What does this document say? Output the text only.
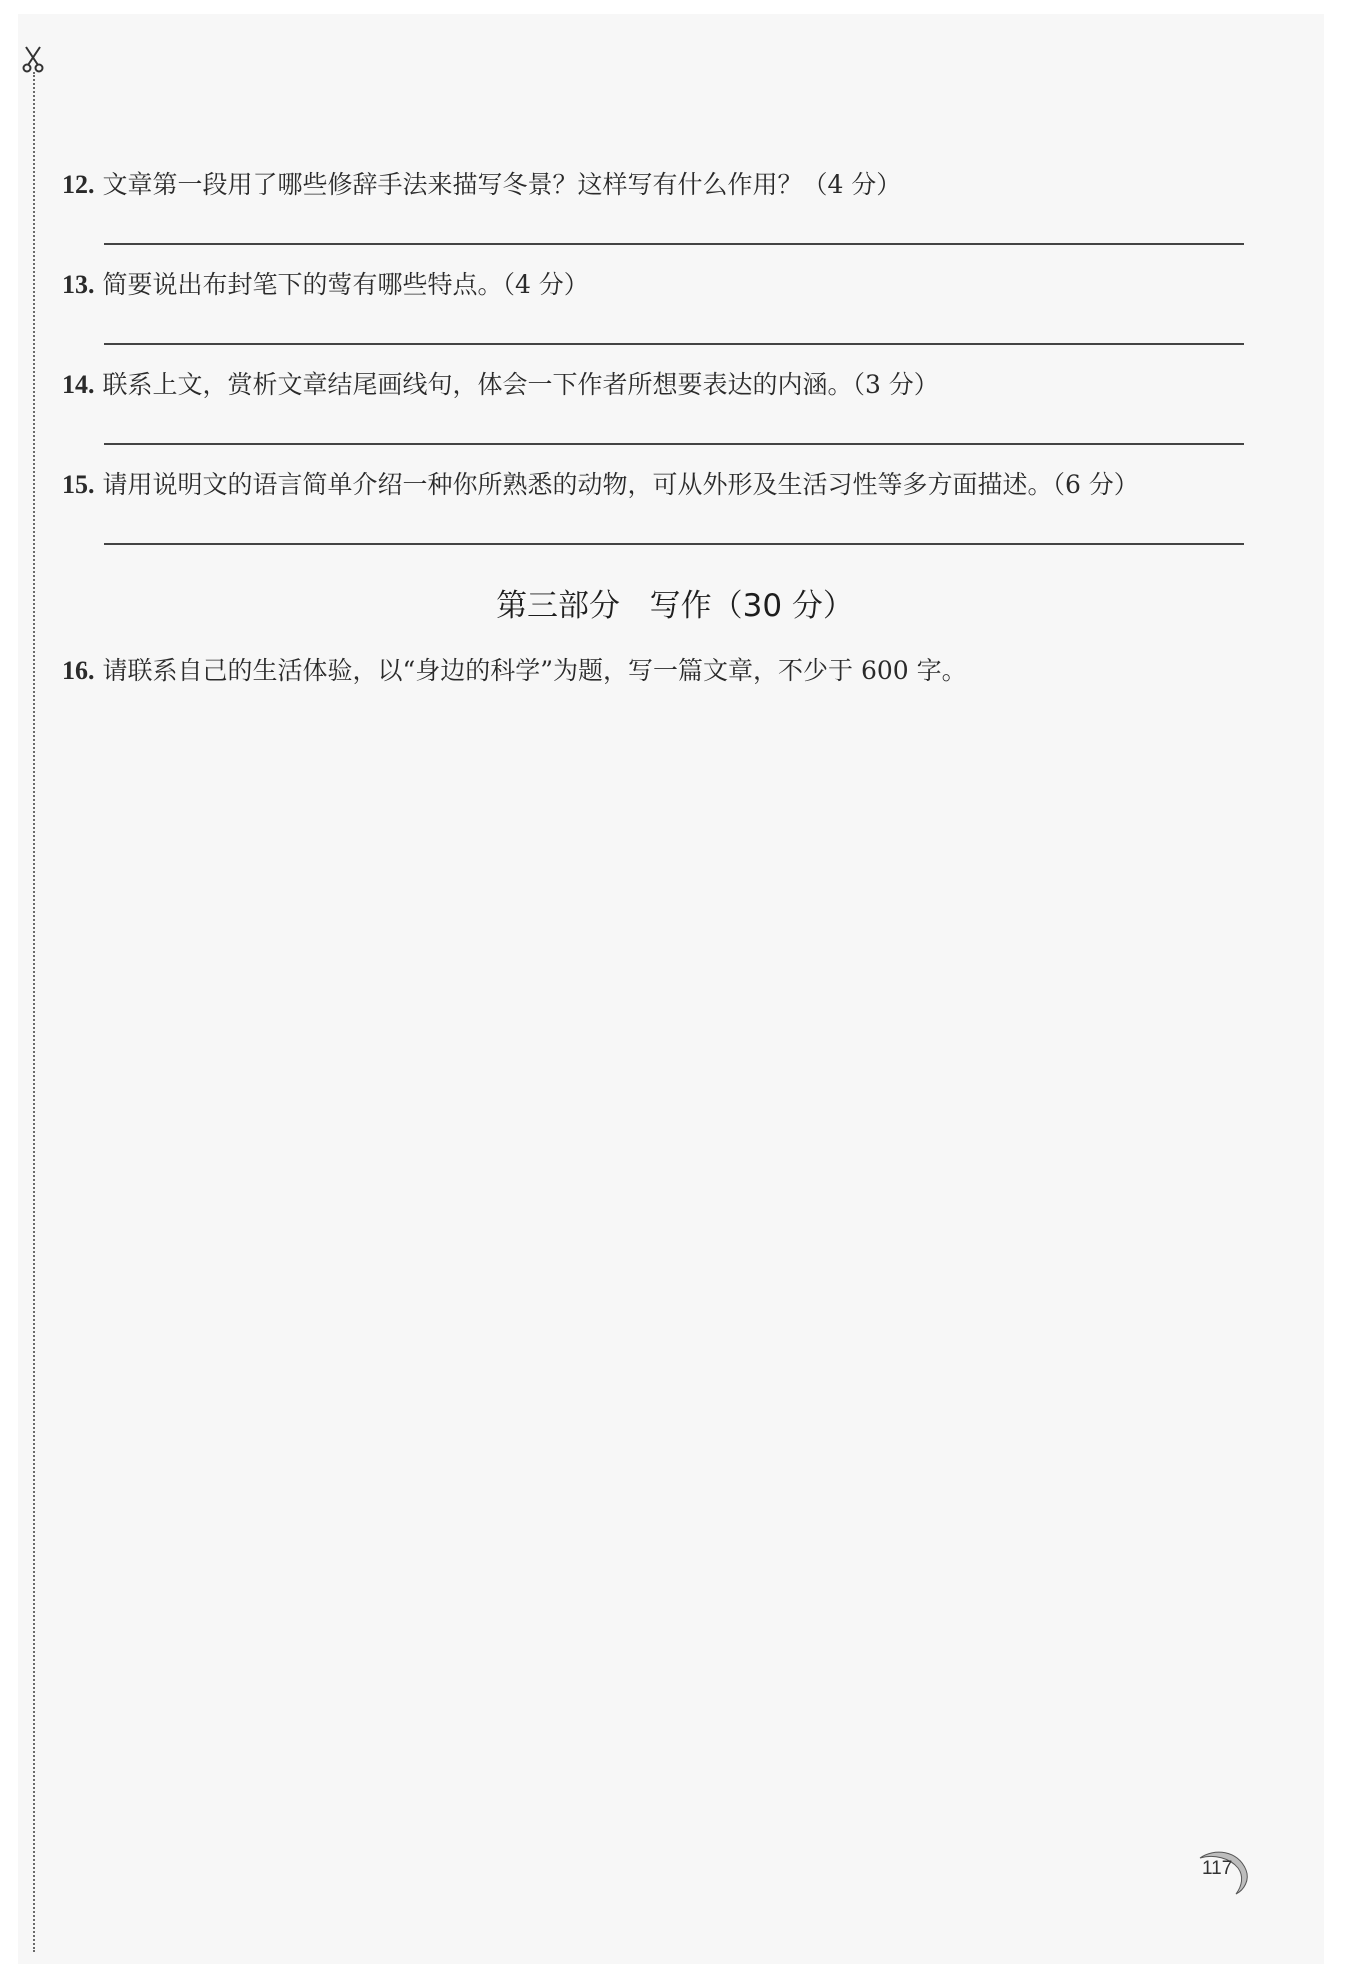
12. 文章第一段用了哪些修辞手法来描写冬景？这样写有什么作用？（4 分）
13. 简要说出布封笔下的莺有哪些特点。（4 分）
14. 联系上文，赏析文章结尾画线句，体会一下作者所想要表达的内涵。（3 分）
15. 请用说明文的语言简单介绍一种你所熟悉的动物，可从外形及生活习性等多方面描述。（6 分）
第三部分   写作（30 分）
16. 请联系自己的生活体验，以“身边的科学”为题，写一篇文章，不少于 600 字。
117
